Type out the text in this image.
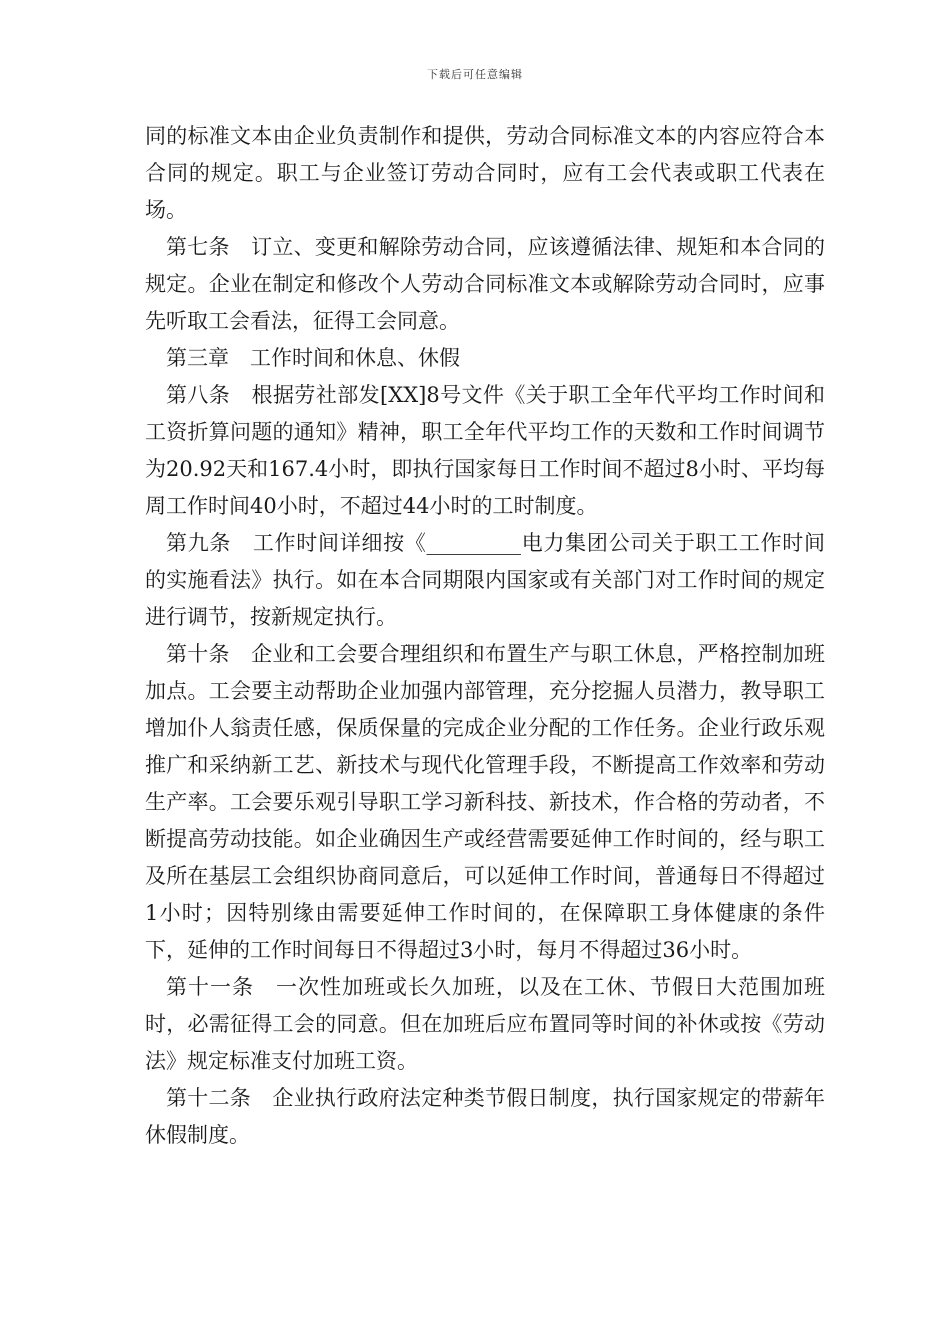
下载后可任意编辑

同的标准文本由企业负责制作和提供，劳动合同标准文本的内容应符合本合同的规定。职工与企业签订劳动合同时，应有工会代表或职工代表在场。

第七条　订立、变更和解除劳动合同，应该遵循法律、规矩和本合同的规定。企业在制定和修改个人劳动合同标准文本或解除劳动合同时，应事先听取工会看法，征得工会同意。

第三章　工作时间和休息、休假

第八条　根据劳社部发[XX]8号文件《关于职工全年代平均工作时间和工资折算问题的通知》精神，职工全年代平均工作的天数和工作时间调节为20.92天和167.4小时，即执行国家每日工作时间不超过8小时、平均每周工作时间40小时，不超过44小时的工时制度。

第九条　工作时间详细按《_________电力集团公司关于职工工作时间的实施看法》执行。如在本合同期限内国家或有关部门对工作时间的规定进行调节，按新规定执行。

第十条　企业和工会要合理组织和布置生产与职工休息，严格控制加班加点。工会要主动帮助企业加强内部管理，充分挖掘人员潜力，教导职工增加仆人翁责任感，保质保量的完成企业分配的工作任务。企业行政乐观推广和采纳新工艺、新技术与现代化管理手段，不断提高工作效率和劳动生产率。工会要乐观引导职工学习新科技、新技术，作合格的劳动者，不断提高劳动技能。如企业确因生产或经营需要延伸工作时间的，经与职工及所在基层工会组织协商同意后，可以延伸工作时间，普通每日不得超过1小时；因特别缘由需要延伸工作时间的，在保障职工身体健康的条件下，延伸的工作时间每日不得超过3小时，每月不得超过36小时。

第十一条　一次性加班或长久加班，以及在工休、节假日大范围加班时，必需征得工会的同意。但在加班后应布置同等时间的补休或按《劳动法》规定标准支付加班工资。

第十二条　企业执行政府法定种类节假日制度，执行国家规定的带薪年休假制度。
